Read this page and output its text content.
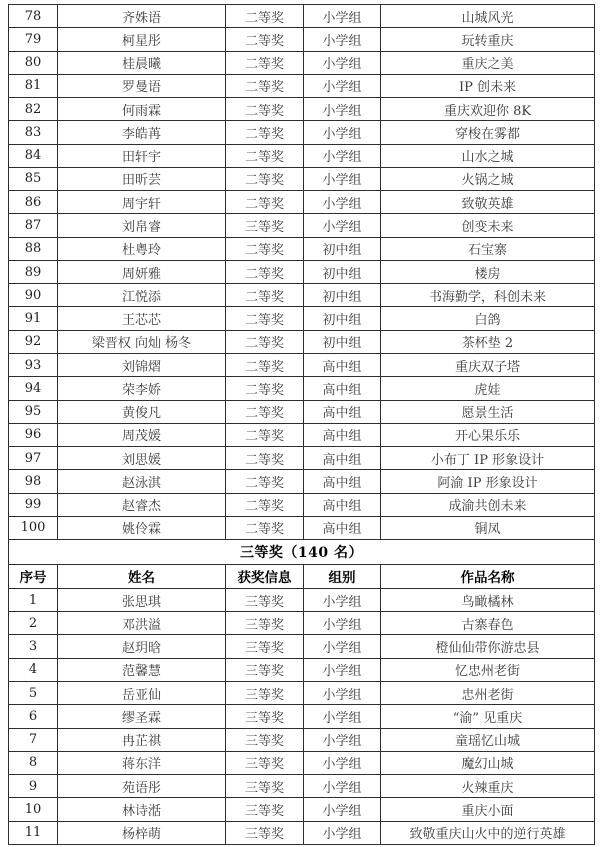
78	齐姝语	二等奖	小学组	山城风光
79	柯星彤	二等奖	小学组	玩转重庆
80	桂晨曦	二等奖	小学组	重庆之美
81	罗曼语	二等奖	小学组	IP 创未来
82	何雨霖	二等奖	小学组	重庆欢迎你 8K
83	李皓苒	二等奖	小学组	穿梭在雾都
84	田轩宇	二等奖	小学组	山水之城
85	田昕芸	二等奖	小学组	火锅之城
86	周宇轩	二等奖	小学组	致敬英雄
87	刘帛睿	三等奖	小学组	创变未来
88	杜粤玲	二等奖	初中组	石宝寨
89	周妍雅	二等奖	初中组	楼房
90	江悦添	二等奖	初中组	书海勤学，科创未来
91	王芯芯	二等奖	初中组	白鸽
92	梁晋权 向灿 杨冬	二等奖	初中组	茶杯垫 2
93	刘锦熠	二等奖	高中组	重庆双子塔
94	荣李娇	二等奖	高中组	虎娃
95	黄俊凡	二等奖	高中组	愿景生活
96	周茂媛	二等奖	高中组	开心果乐乐
97	刘思媛	二等奖	高中组	小布丁 IP 形象设计
98	赵泳淇	二等奖	高中组	阿渝 IP 形象设计
99	赵睿杰	二等奖	高中组	成渝共创未来
100	姚伶霖	二等奖	高中组	铜凤
三等奖（140 名）				
序号	姓名	获奖信息	组别	作品名称
1	张思琪	三等奖	小学组	鸟瞰橘林
2	邓洪溢	三等奖	小学组	古寨春色
3	赵玥晗	三等奖	小学组	橙仙仙带你游忠县
4	范馨慧	三等奖	小学组	忆忠州老街
5	岳亚仙	三等奖	小学组	忠州老街
6	缪圣霖	三等奖	小学组	“渝” 见重庆
7	冉芷祺	三等奖	小学组	童瑶忆山城
8	蒋东洋	三等奖	小学组	魔幻山城
9	苑语彤	三等奖	小学组	火辣重庆
10	林诗湉	三等奖	小学组	重庆小面
11	杨梓萌	三等奖	小学组	致敬重庆山火中的逆行英雄
